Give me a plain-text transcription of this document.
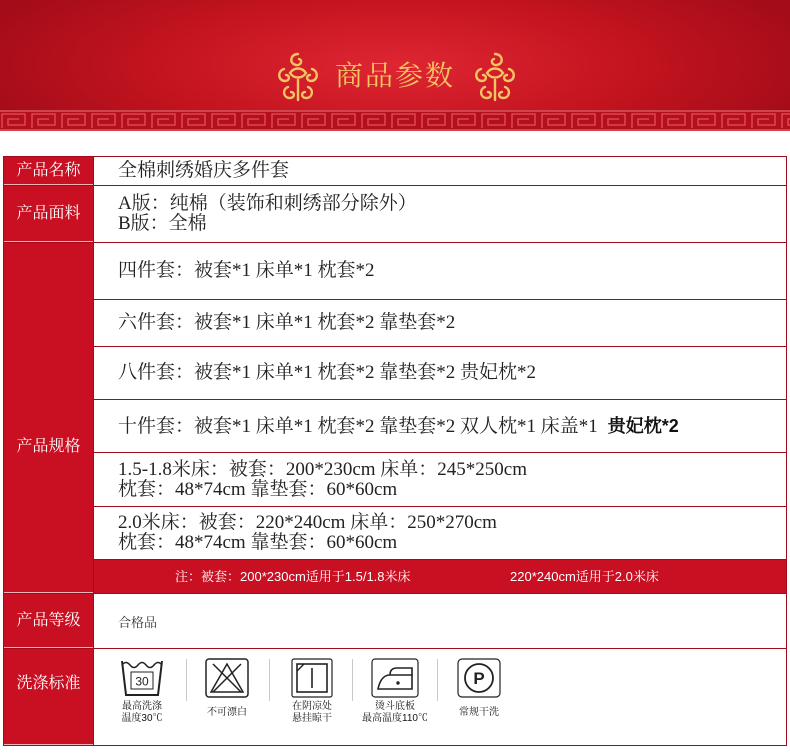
商品参数
产品名称	全棉刺绣婚庆多件套
产品面料	A版：纯棉（装饰和刺绣部分除外）
B版：全棉
产品规格
四件套：被套*1 床单*1 枕套*2
六件套：被套*1 床单*1 枕套*2 靠垫套*2
八件套：被套*1 床单*1 枕套*2 靠垫套*2 贵妃枕*2
十件套：被套*1 床单*1 枕套*2 靠垫套*2 双人枕*1 床盖*1 贵妃枕*2
1.5-1.8米床：被套：200*230cm 床单：245*250cm
枕套：48*74cm 靠垫套：60*60cm
2.0米床：被套：220*240cm 床单：250*270cm
枕套：48*74cm 靠垫套：60*60cm
注：被套：200*230cm适用于1.5/1.8米床	220*240cm适用于2.0米床
产品等级	合格品
洗涤标准	30
最高洗涤
温度30℃
不可漂白
在阴凉处
悬挂晾干
烫斗底板
最高温度110℃
P
常规干洗
